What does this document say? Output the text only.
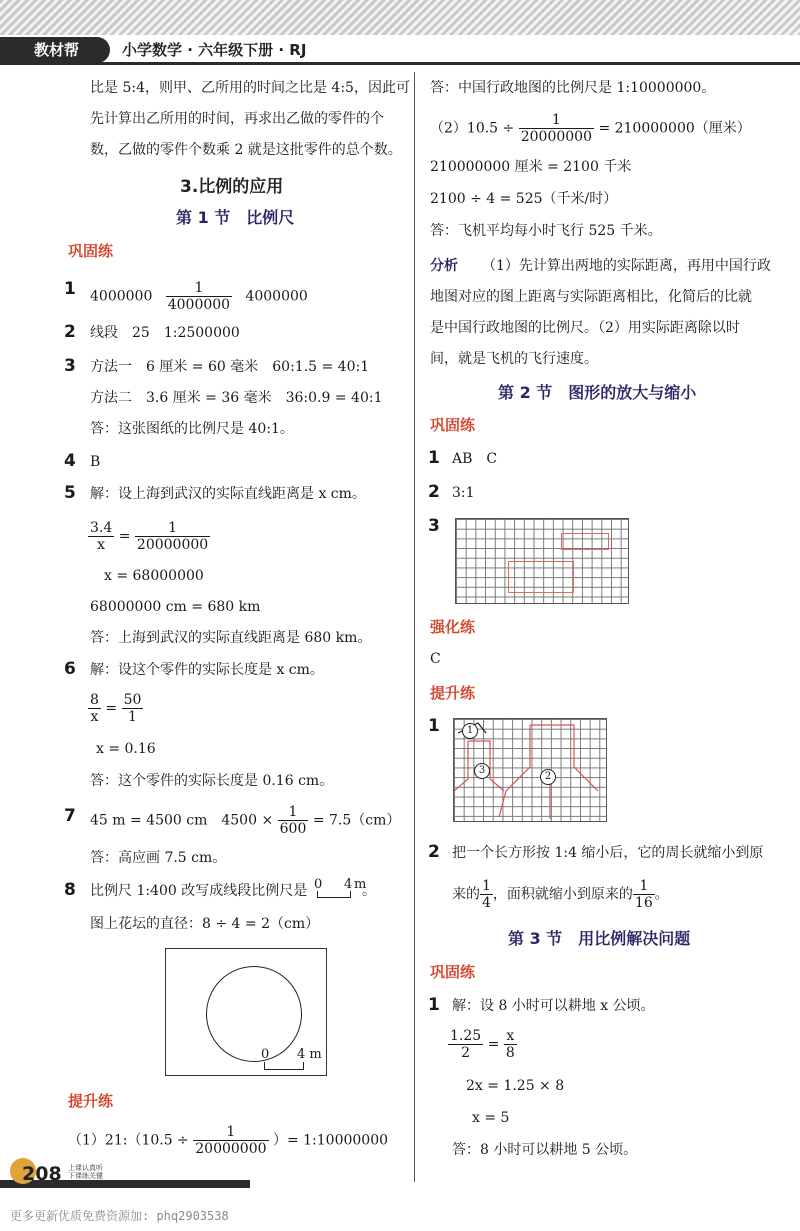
教材帮	小学数学 · 六年级下册 · RJ
比是 5:4，则甲、乙所用的时间之比是 4:5，因此可
先计算出乙所用的时间，再求出乙做的零件的个
数，乙做的零件个数乘 2 就是这批零件的总个数。
3.比例的应用
第 1 节　比例尺
巩固练
1 $4000000 \frac{1}{4000000} 4000000$
2 线段　25　1:2500000
3 方法一　6 厘米 = 60 毫米　60:1.5 = 40:1
方法二　3.6 厘米 = 36 毫米　36:0.9 = 40:1
答：这张图纸的比例尺是 40:1。
4 B
5 解：设上海到武汉的实际直线距离是 x cm。
$\frac{3.4}{x} = \frac{1}{20000000}$
x = 68000000
68000000 cm = 680 km
答：上海到武汉的实际直线距离是 680 km。
6 解：设这个零件的实际长度是 x cm。
$\frac{8}{x} = \frac{50}{1}$
x = 0.16
答：这个零件的实际长度是 0.16 cm。
7 45 m = 4500 cm　$4500 \times \frac{1}{600} = 7.5(cm)$
答：高应画 7.5 cm。
8 比例尺 1:400 改写成线段比例尺是 0 4 m
。
图上花坛的直径：8 ÷ 4 = 2（cm）
0 4 m
提升练
（1）21:（10.5 ÷ $\frac{1}{20000000}$ ）= 1:10000000
答：中国行政地图的比例尺是 1:10000000。
$(2)10.5 \div \frac{1}{20000000} = 210000000$（厘米）
210000000 厘米 = 2100 千米
2100 ÷ 4 = 525（千米/时）
答：飞机平均每小时飞行 525 千米。
分析 （1）先计算出两地的实际距离，再用中国行政
地图对应的图上距离与实际距离相比，化简后的比就
是中国行政地图的比例尺。（2）用实际距离除以时
间，就是飞机的飞行速度。
第 2 节　图形的放大与缩小
巩固练
1 AB　C
2 3:1
3
强化练
C
提升练
1	1
2
3
2 把一个长方形按 1:4 缩小后，它的周长就缩小到原
来的 $\frac{1}{4}$ ，面积就缩小到原来的 $\frac{1}{16}$ 。
第 3 节　用比例解决问题
巩固练
1 解：设 8 小时可以耕地 x 公顷。
$\frac{1.25}{2} = \frac{x}{8}$
2x = 1.25 × 8
x = 5
答：8 小时可以耕地 5 公顷。
208 上课认真听
下课练关键
更多更新优质免费资源加: phq2903538
